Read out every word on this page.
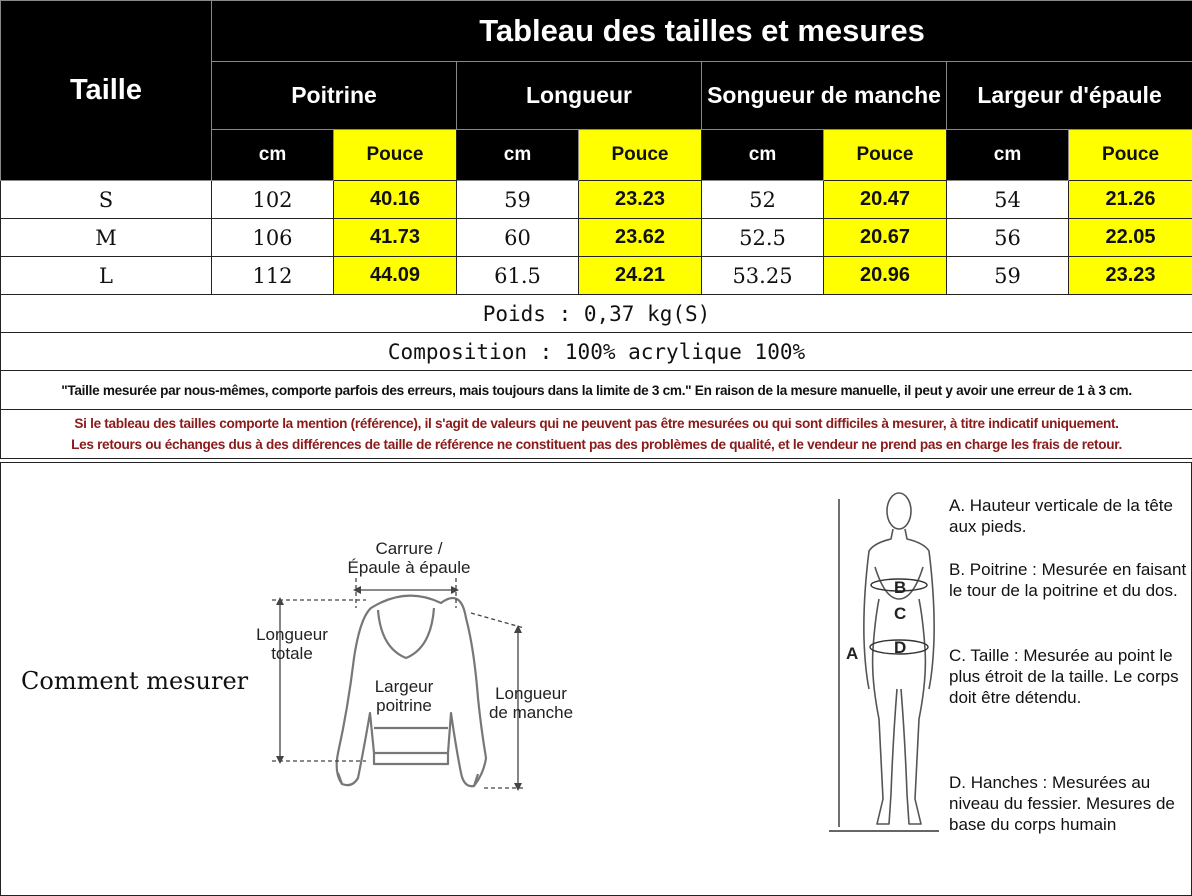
Taille	Tableau des tailles et mesures							
	Poitrine		Longueur		Songueur de manche		Largeur d'épaule	
	cm	Pouce	cm	Pouce	cm	Pouce	cm	Pouce
S	102	40.16	59	23.23	52	20.47	54	21.26
M	106	41.73	60	23.62	52.5	20.67	56	22.05
L	112	44.09	61.5	24.21	53.25	20.96	59	23.23
Poids : 0,37 kg(S)								
Composition : 100% acrylique 100%								
"Taille mesurée par nous-mêmes, comporte parfois des erreurs, mais toujours dans la limite de 3 cm." En raison de la mesure manuelle, il peut y avoir une erreur de 1 à 3 cm.								

Si le tableau des tailles comporte la mention (référence), il s'agit de valeurs qui ne peuvent pas être mesurées ou qui sont difficiles à mesurer, à titre indicatif uniquement.
Les retours ou échanges dus à des différences de taille de référence ne constituent pas des problèmes de qualité, et le vendeur ne prend pas en charge les frais de retour.								
Comment mesurer
Carrure /
Épaule à épaule
Longueur
totale
Largeur
poitrine
Longueur
de manche
B
C
D
A
A. Hauteur verticale de la tête aux pieds.
B. Poitrine : Mesurée en faisant le tour de la poitrine et du dos.
C. Taille : Mesurée au point le plus étroit de la taille. Le corps doit être détendu.
D. Hanches : Mesurées au niveau du fessier. Mesures de base du corps humain
